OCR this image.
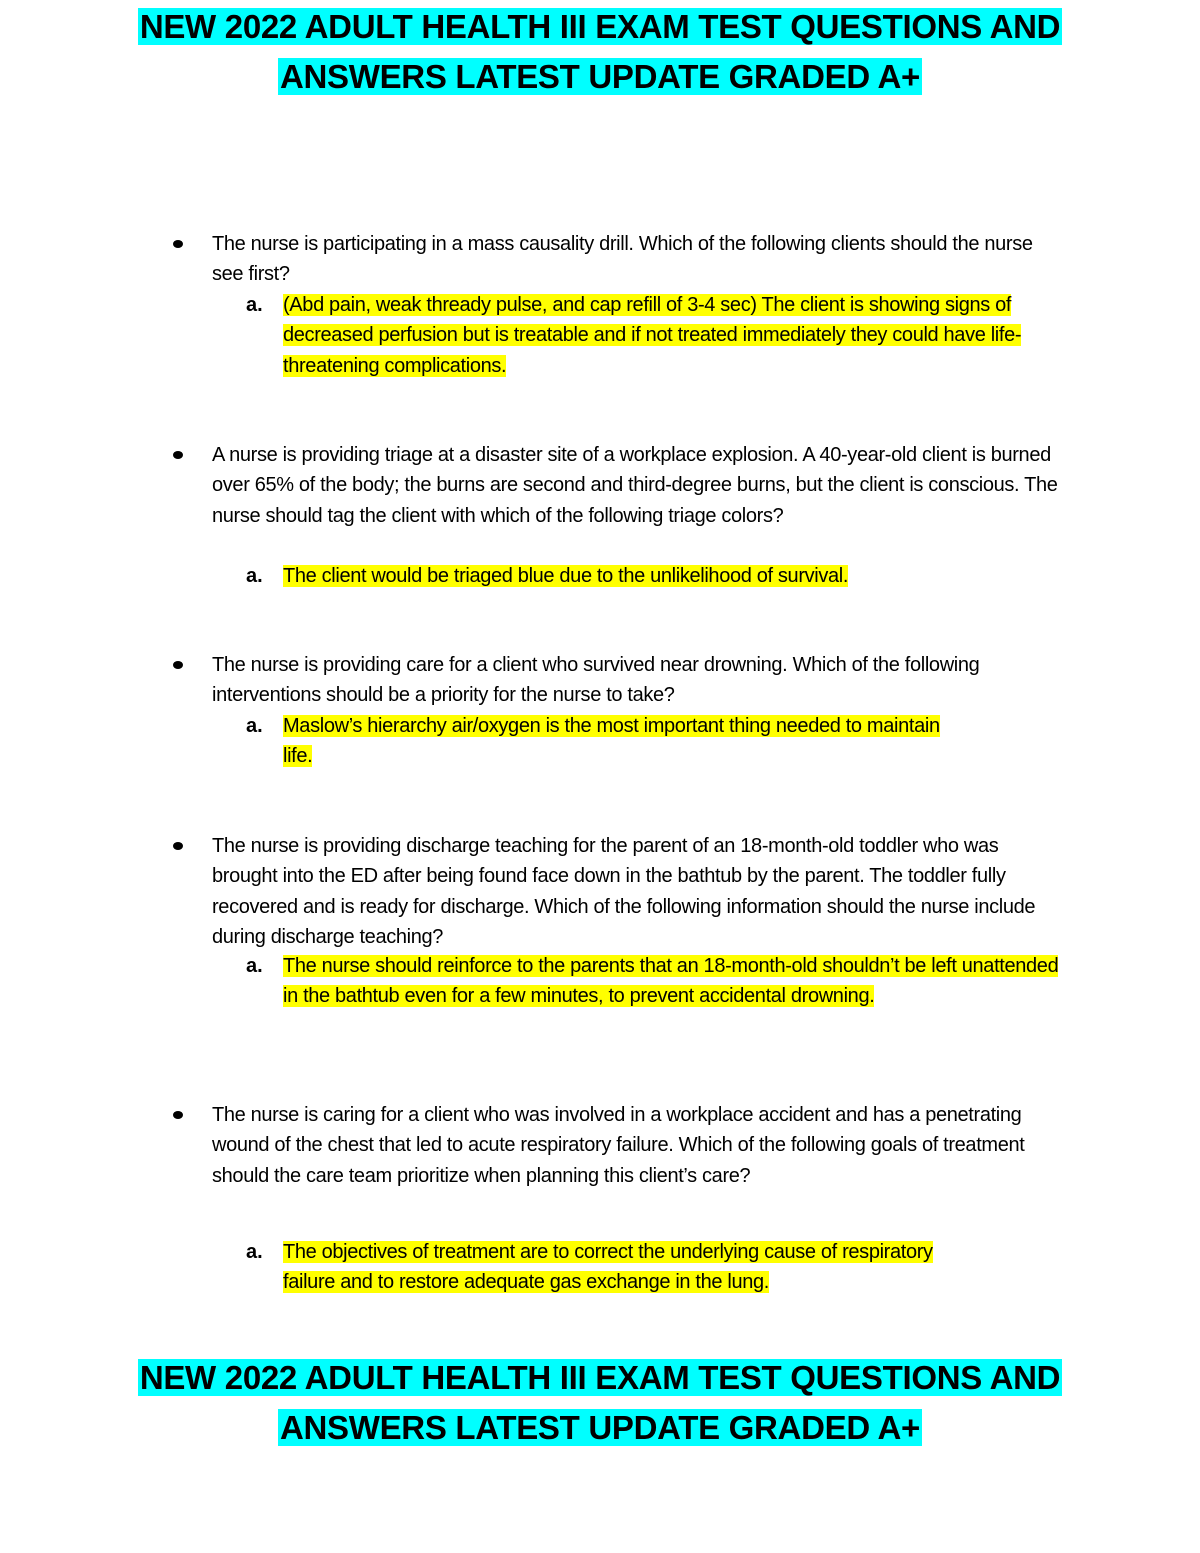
NEW 2022 ADULT HEALTH III EXAM TEST QUESTIONS AND
ANSWERS LATEST UPDATE GRADED A+
The nurse is participating in a mass causality drill. Which of the following clients should the nurse see first?
a. (Abd pain, weak thready pulse, and cap refill of 3-4 sec) The client is showing signs of decreased perfusion but is treatable and if not treated immediately they could have life-threatening complications.
A nurse is providing triage at a disaster site of a workplace explosion. A 40-year-old client is burned over 65% of the body; the burns are second and third-degree burns, but the client is conscious. The nurse should tag the client with which of the following triage colors?
a. The client would be triaged blue due to the unlikelihood of survival.
The nurse is providing care for a client who survived near drowning. Which of the following interventions should be a priority for the nurse to take?
a. Maslow’s hierarchy air/oxygen is the most important thing needed to maintain life.
The nurse is providing discharge teaching for the parent of an 18-month-old toddler who was brought into the ED after being found face down in the bathtub by the parent. The toddler fully recovered and is ready for discharge. Which of the following information should the nurse include during discharge teaching?
a. The nurse should reinforce to the parents that an 18-month-old shouldn’t be left unattended in the bathtub even for a few minutes, to prevent accidental drowning.
The nurse is caring for a client who was involved in a workplace accident and has a penetrating wound of the chest that led to acute respiratory failure. Which of the following goals of treatment should the care team prioritize when planning this client’s care?
a. The objectives of treatment are to correct the underlying cause of respiratory failure and to restore adequate gas exchange in the lung.
NEW 2022 ADULT HEALTH III EXAM TEST QUESTIONS AND
ANSWERS LATEST UPDATE GRADED A+
